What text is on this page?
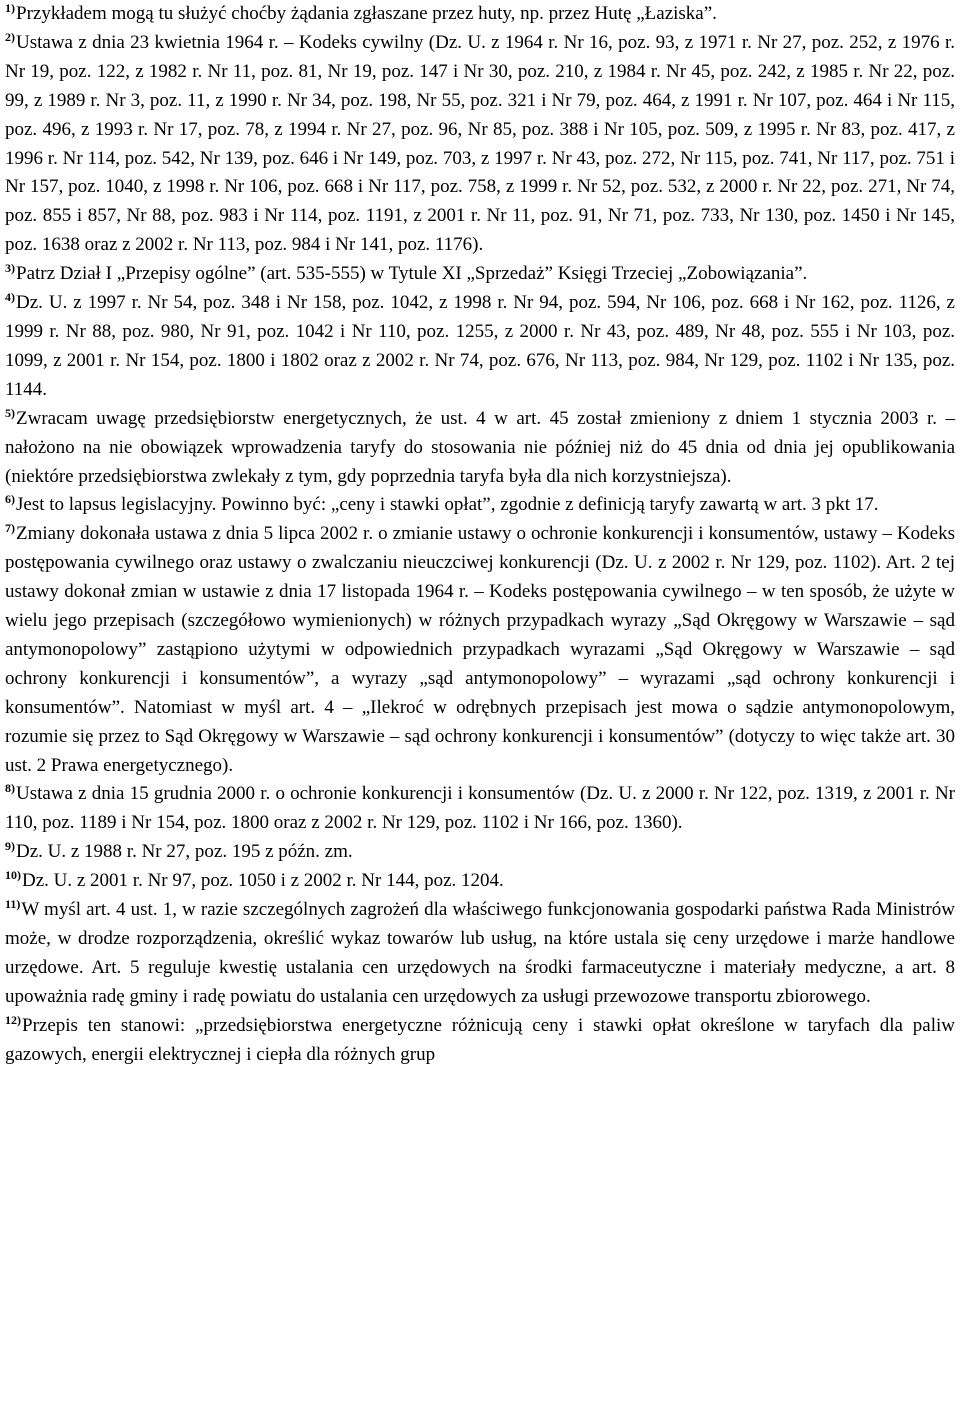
$^{1)}$Przykładem mogą tu służyć choćby żądania zgłaszane przez huty, np. przez Hutę „Łaziska”.

$^{2)}$Ustawa z dnia 23 kwietnia 1964 r. – Kodeks cywilny (Dz. U. z 1964 r. Nr 16, poz. 93, z 1971 r. Nr 27, poz. 252, z 1976 r. Nr 19, poz. 122, z 1982 r. Nr 11, poz. 81, Nr 19, poz. 147 i Nr 30, poz. 210, z 1984 r. Nr 45, poz. 242, z 1985 r. Nr 22, poz. 99, z 1989 r. Nr 3, poz. 11, z 1990 r. Nr 34, poz. 198, Nr 55, poz. 321 i Nr 79, poz. 464, z 1991 r. Nr 107, poz. 464 i Nr 115, poz. 496, z 1993 r. Nr 17, poz. 78, z 1994 r. Nr 27, poz. 96, Nr 85, poz. 388 i Nr 105, poz. 509, z 1995 r. Nr 83, poz. 417, z 1996 r. Nr 114, poz. 542, Nr 139, poz. 646 i Nr 149, poz. 703, z 1997 r. Nr 43, poz. 272, Nr 115, poz. 741, Nr 117, poz. 751 i Nr 157, poz. 1040, z 1998 r. Nr 106, poz. 668 i Nr 117, poz. 758, z 1999 r. Nr 52, poz. 532, z 2000 r. Nr 22, poz. 271, Nr 74, poz. 855 i 857, Nr 88, poz. 983 i Nr 114, poz. 1191, z 2001 r. Nr 11, poz. 91, Nr 71, poz. 733, Nr 130, poz. 1450 i Nr 145, poz. 1638 oraz z 2002 r. Nr 113, poz. 984 i Nr 141, poz. 1176).

$^{3)}$Patrz Dział I „Przepisy ogólne” (art. 535-555) w Tytule XI „Sprzedaż” Księgi Trzeciej „Zobowiązania”.

$^{4)}$Dz. U. z 1997 r. Nr 54, poz. 348 i Nr 158, poz. 1042, z 1998 r. Nr 94, poz. 594, Nr 106, poz. 668 i Nr 162, poz. 1126, z 1999 r. Nr 88, poz. 980, Nr 91, poz. 1042 i Nr 110, poz. 1255, z 2000 r. Nr 43, poz. 489, Nr 48, poz. 555 i Nr 103, poz. 1099, z 2001 r. Nr 154, poz. 1800 i 1802 oraz z 2002 r. Nr 74, poz. 676, Nr 113, poz. 984, Nr 129, poz. 1102 i Nr 135, poz. 1144.

$^{5)}$Zwracam uwagę przedsiębiorstw energetycznych, że ust. 4 w art. 45 został zmieniony z dniem 1 stycznia 2003 r. – nałożono na nie obowiązek wprowadzenia taryfy do stosowania nie później niż do 45 dnia od dnia jej opublikowania (niektóre przedsiębiorstwa zwlekały z tym, gdy poprzednia taryfa była dla nich korzystniejsza).

$^{6)}$Jest to lapsus legislacyjny. Powinno być: „ceny i stawki opłat”, zgodnie z definicją taryfy zawartą w art. 3 pkt 17.

$^{7)}$Zmiany dokonała ustawa z dnia 5 lipca 2002 r. o zmianie ustawy o ochronie konkurencji i konsumentów, ustawy – Kodeks postępowania cywilnego oraz ustawy o zwalczaniu nieuczciwej konkurencji (Dz. U. z 2002 r. Nr 129, poz. 1102). Art. 2 tej ustawy dokonał zmian w ustawie z dnia 17 listopada 1964 r. – Kodeks postępowania cywilnego – w ten sposób, że użyte w wielu jego przepisach (szczegółowo wymienionych) w różnych przypadkach wyrazy „Sąd Okręgowy w Warszawie – sąd antymonopolowy” zastąpiono użytymi w odpowiednich przypadkach wyrazami „Sąd Okręgowy w Warszawie – sąd ochrony konkurencji i konsumentów”, a wyrazy „sąd antymonopolowy” – wyrazami „sąd ochrony konkurencji i konsumentów”. Natomiast w myśl art. 4 – „Ilekroć w odrębnych przepisach jest mowa o sądzie antymonopolowym, rozumie się przez to Sąd Okręgowy w Warszawie – sąd ochrony konkurencji i konsumentów” (dotyczy to więc także art. 30 ust. 2 Prawa energetycznego).

$^{8)}$Ustawa z dnia 15 grudnia 2000 r. o ochronie konkurencji i konsumentów (Dz. U. z 2000 r. Nr 122, poz. 1319, z 2001 r. Nr 110, poz. 1189 i Nr 154, poz. 1800 oraz z 2002 r. Nr 129, poz. 1102 i Nr 166, poz. 1360).

$^{9)}$Dz. U. z 1988 r. Nr 27, poz. 195 z późn. zm.

$^{10)}$Dz. U. z 2001 r. Nr 97, poz. 1050 i z 2002 r. Nr 144, poz. 1204.

$^{11)}$W myśl art. 4 ust. 1, w razie szczególnych zagrożeń dla właściwego funkcjonowania gospodarki państwa Rada Ministrów może, w drodze rozporządzenia, określić wykaz towarów lub usług, na które ustala się ceny urzędowe i marże handlowe urzędowe. Art. 5 reguluje kwestię ustalania cen urzędowych na środki farmaceutyczne i materiały medyczne, a art. 8 upoważnia radę gminy i radę powiatu do ustalania cen urzędowych za usługi przewozowe transportu zbiorowego.

$^{12)}$Przepis ten stanowi: „przedsiębiorstwa energetyczne różnicują ceny i stawki opłat określone w taryfach dla paliw gazowych, energii elektrycznej i ciepła dla różnych grup
